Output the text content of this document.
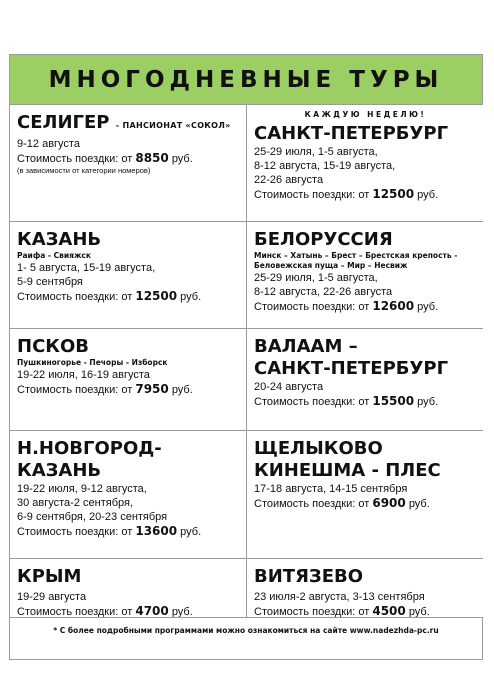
МНОГОДНЕВНЫЕ ТУРЫ

СЕЛИГЕР - ПАНСИОНАТ «СОКОЛ»

9-12 августа
Стоимость поездки: от 8850 руб.
(в зависимости от категории номеров)
КАЖДУЮ НЕДЕЛЮ!

САНКТ-ПЕТЕРБУРГ

25-29 июля, 1-5 августа,
8-12 августа, 15-19 августа,
22-26 августа
Стоимость поездки: от 12500 руб.

КАЗАНЬ

Раифа - Свияжск
1- 5 августа, 15-19 августа,
5-9 сентября
Стоимость поездки: от 12500 руб.

БЕЛОРУССИЯ

Минск – Хатынь – Брест – Брестская крепость -
Беловежская пуща – Мир – Несвиж
25-29 июля, 1-5 августа,
8-12 августа, 22-26 августа
Стоимость поездки: от 12600 руб.

ПСКОВ

Пушкиногорье - Печоры - Изборск
19-22 июля, 16-19 августа
Стоимость поездки: от 7950 руб.

ВАЛААМ –
САНКТ-ПЕТЕРБУРГ

20-24 августа
Стоимость поездки: от 15500 руб.

Н.НОВГОРОД-
КАЗАНЬ

19-22 июля, 9-12 августа,
30 августа-2 сентября,
6-9 сентября, 20-23 сентября
Стоимость поездки: от 13600 руб.

ЩЕЛЫКОВО
КИНЕШМА - ПЛЕС

17-18 августа, 14-15 сентября
Стоимость поездки: от 6900 руб.

КРЫМ

19-29 августа
Стоимость поездки: от 4700 руб.

ВИТЯЗЕВО

23 июля-2 августа, 3-13 сентября
Стоимость поездки: от 4500 руб.
* С более подробными программами можно ознакомиться на сайте www.nadezhda-pc.ru
